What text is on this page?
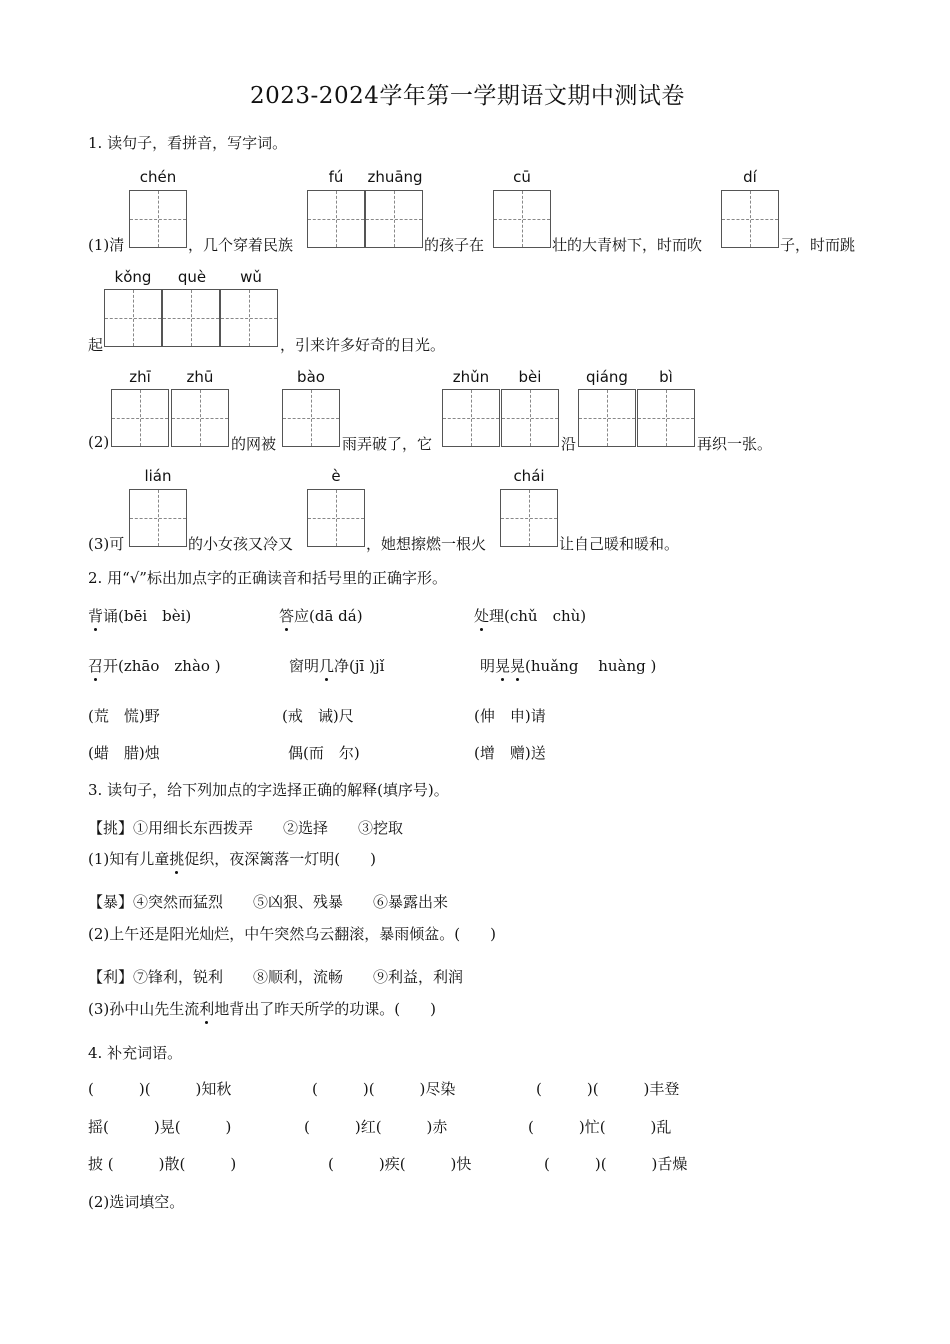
2023-2024学年第一学期语文期中测试卷
1. 读句子，看拼音，写字词。
chén	fú zhuāng	cū	dí
(1)清	，几个穿着民族	的孩子在	壮的大青树下，时而吹	子，时而跳
kǒng què wǔ
起	，引来许多好奇的目光。
zhī zhū	bào	zhǔn bèi	qiáng bì
(2)	的网被	雨弄破了，它	沿	再织一张。
lián	è	chái
(3)可	的小女孩又冷又	，她想擦燃一根火	让自己暖和暖和。
2. 用“√”标出加点字的正确读音和括号里的正确字形。
背诵(bēi　bèi)	答应(dā dá)	处理(chǔ　chù)
召开(zhāo　zhào )	窗明几净(jī )jǐ	明晃晃(huǎng　 huàng )
(荒　慌)野	(戒　诫)尺	(伸　申)请
(蜡　腊)烛	偶(而　尔)	(增　赠)送
3. 读句子，给下列加点的字选择正确的解释(填序号)。
【挑】①用细长东西拨弄　　②选择　　③挖取
(1)知有儿童挑促织，夜深篱落一灯明(　　)
【暴】④突然而猛烈　　⑤凶狠、残暴　　⑥暴露出来
(2)上午还是阳光灿烂，中午突然乌云翻滚，暴雨倾盆。(　　)
【利】⑦锋利，锐利　　⑧顺利，流畅　　⑨利益，利润
(3)孙中山先生流利地背出了昨天所学的功课。(　　)
4. 补充词语。
(　　　)(　　　)知秋	(　　　)(　　　)尽染	(　　　)(　　　)丰登
摇(　　　)晃(　　　)	(　　　)红(　　　)赤	(　　　)忙(　　　)乱
披 (　　　)散(　　　)	(　　　)疾(　　　)快	(　　　)(　　　)舌燥
(2)选词填空。
